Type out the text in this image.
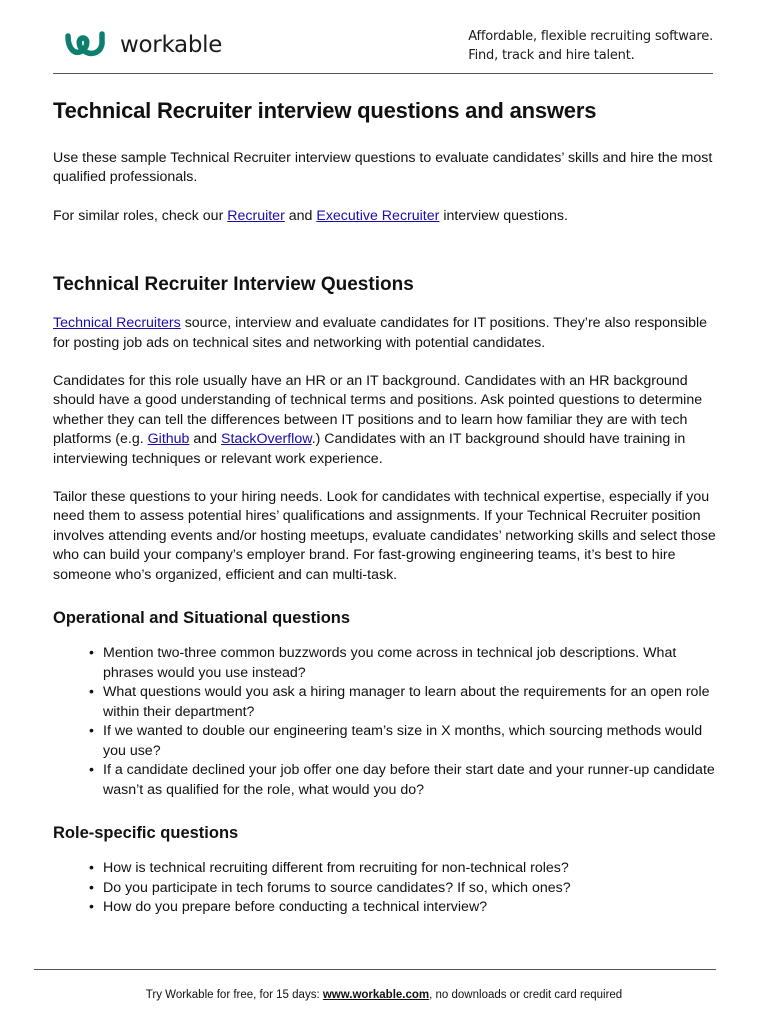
workable	Affordable, flexible recruiting software.
Find, track and hire talent.
Technical Recruiter interview questions and answers

Use these sample Technical Recruiter interview questions to evaluate candidates’ skills and hire the most qualified professionals.

For similar roles, check our Recruiter and Executive Recruiter interview questions.

Technical Recruiter Interview Questions

Technical Recruiters source, interview and evaluate candidates for IT positions. They’re also responsible for posting job ads on technical sites and networking with potential candidates.

Candidates for this role usually have an HR or an IT background. Candidates with an HR background should have a good understanding of technical terms and positions. Ask pointed questions to determine whether they can tell the differences between IT positions and to learn how familiar they are with tech platforms (e.g. Github and StackOverflow.) Candidates with an IT background should have training in interviewing techniques or relevant work experience.

Tailor these questions to your hiring needs. Look for candidates with technical expertise, especially if you need them to assess potential hires’ qualifications and assignments. If your Technical Recruiter position involves attending events and/or hosting meetups, evaluate candidates’ networking skills and select those who can build your company’s employer brand. For fast-growing engineering teams, it’s best to hire someone who’s organized, efficient and can multi-task.

Operational and Situational questions
• Mention two-three common buzzwords you come across in technical job descriptions. What phrases would you use instead?
• What questions would you ask a hiring manager to learn about the requirements for an open role within their department?
• If we wanted to double our engineering team’s size in X months, which sourcing methods would you use?
• If a candidate declined your job offer one day before their start date and your runner-up candidate wasn’t as qualified for the role, what would you do?
Role-specific questions
• How is technical recruiting different from recruiting for non-technical roles?
• Do you participate in tech forums to source candidates? If so, which ones?
• How do you prepare before conducting a technical interview?
Try Workable for free, for 15 days: www.workable.com, no downloads or credit card required
